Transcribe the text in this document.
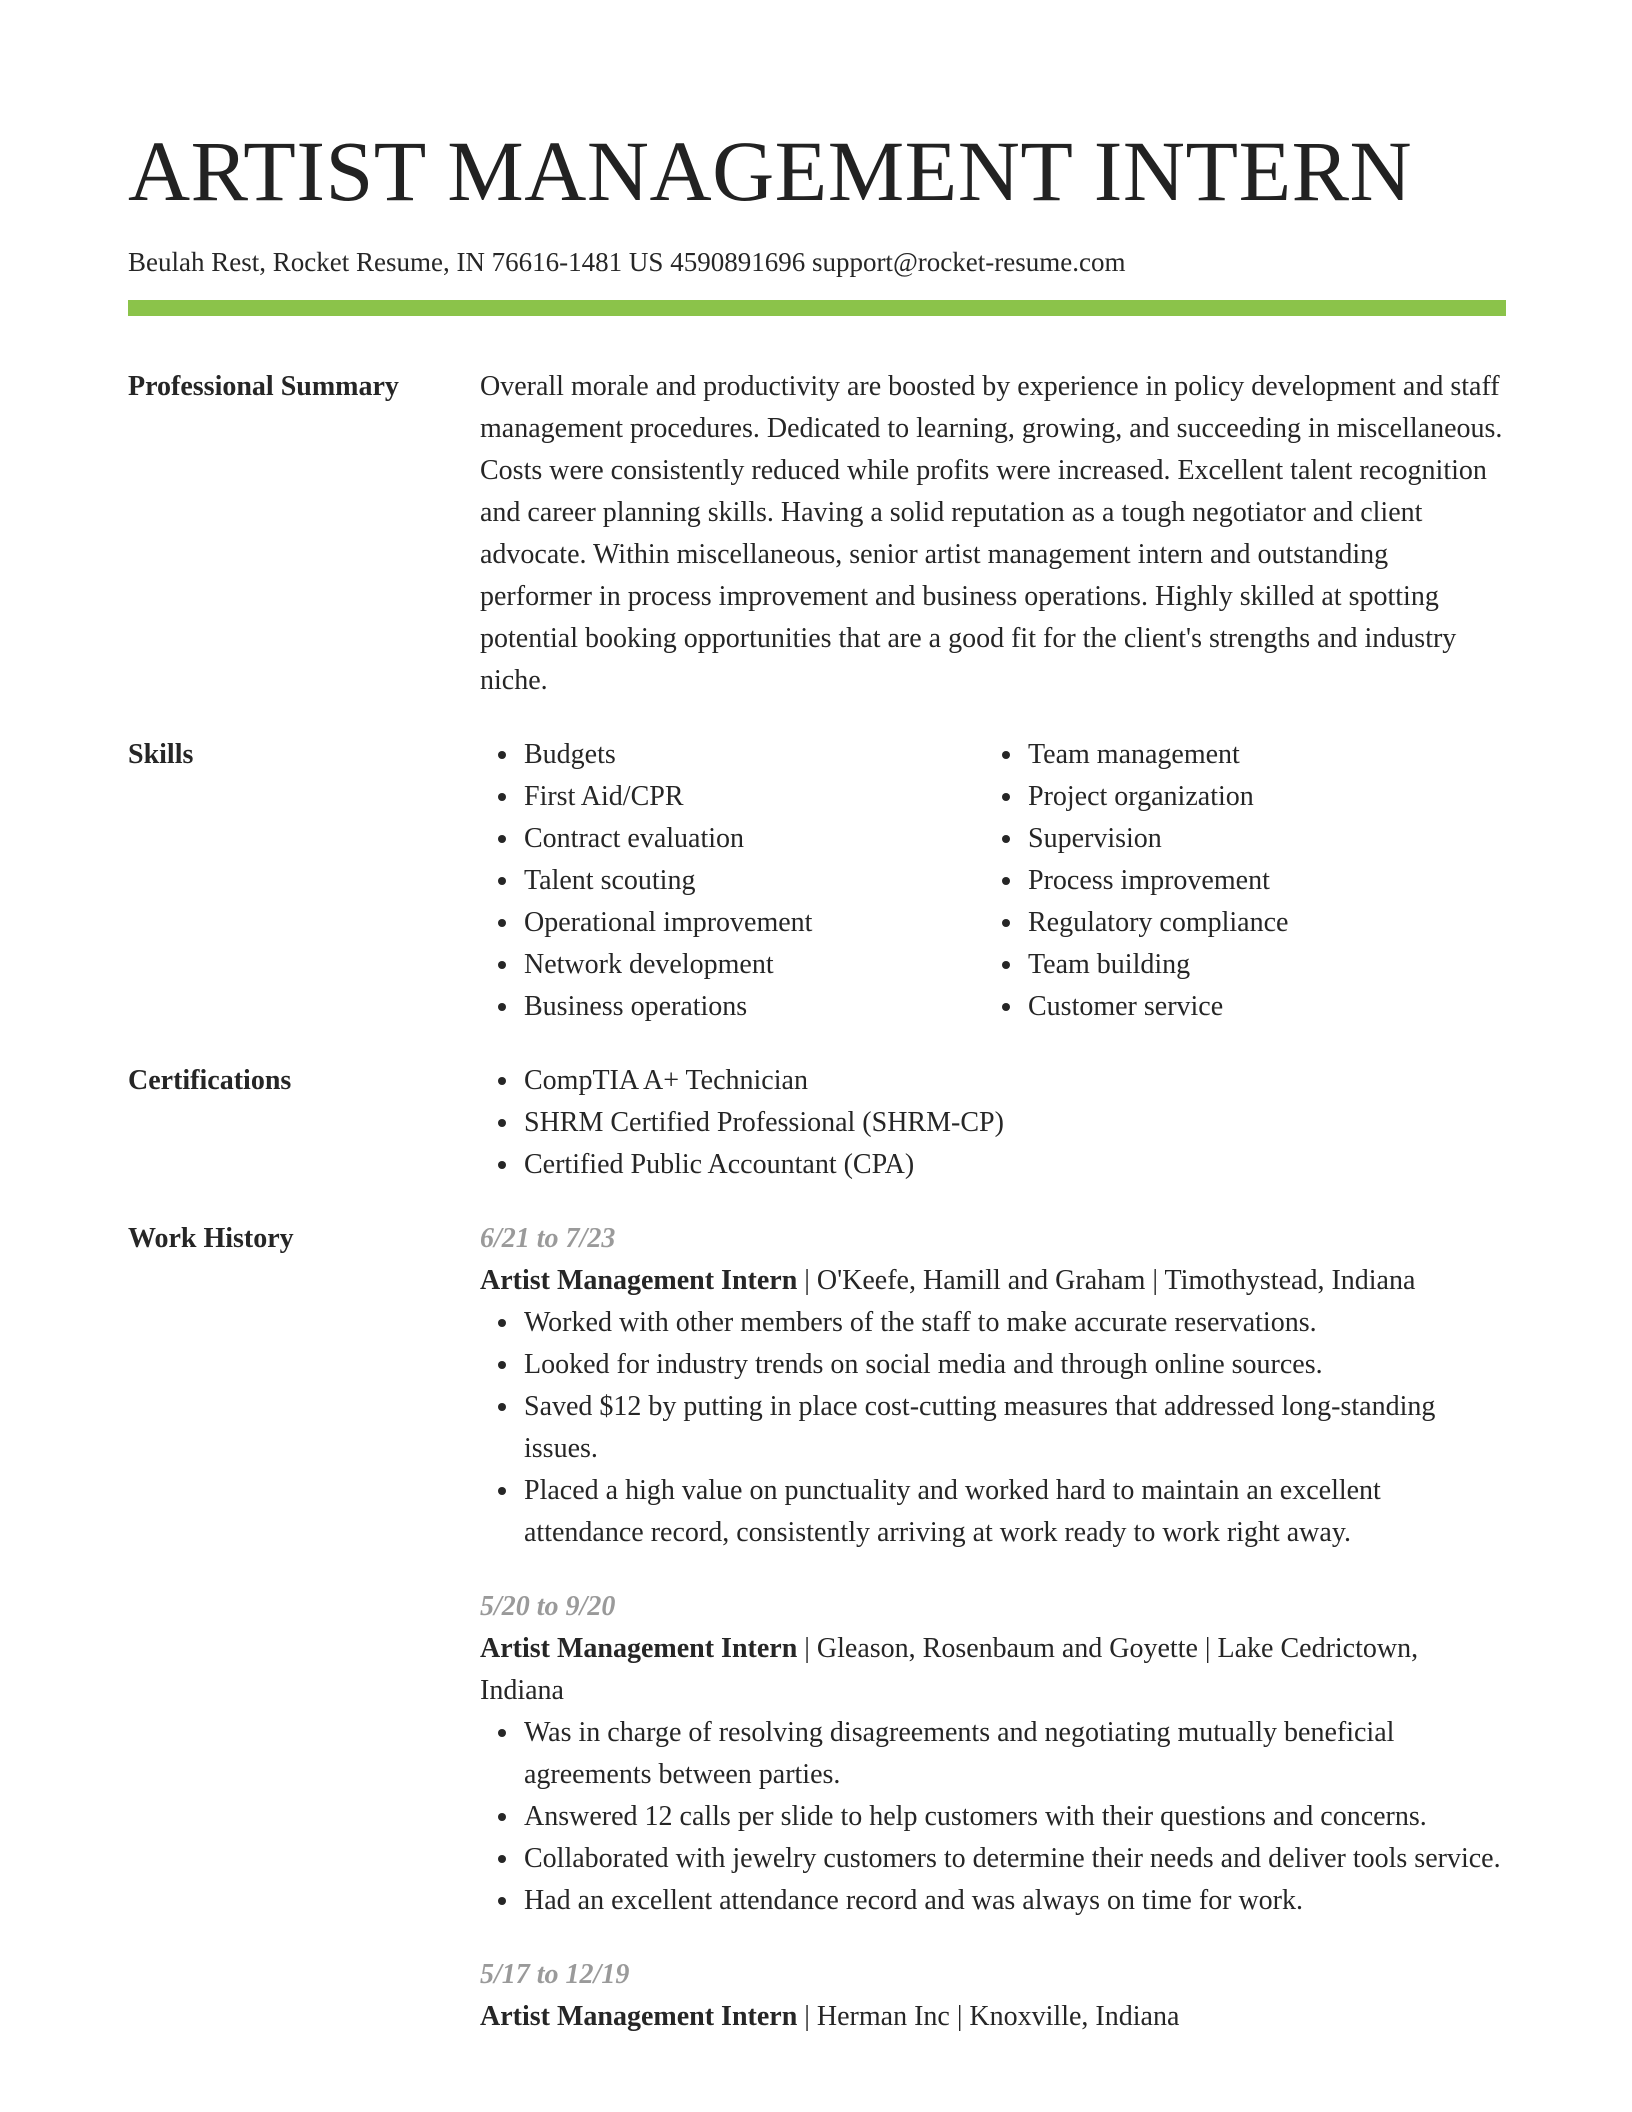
ARTIST MANAGEMENT INTERN
Beulah Rest, Rocket Resume, IN 76616-1481 US 4590891696 support@rocket-resume.com
Professional Summary	Overall morale and productivity are boosted by experience in policy development and staff management procedures. Dedicated to learning, growing, and succeeding in miscellaneous. Costs were consistently reduced while profits were increased. Excellent talent recognition and career planning skills. Having a solid reputation as a tough negotiator and client advocate. Within miscellaneous, senior artist management intern and outstanding performer in process improvement and business operations. Highly skilled at spotting potential booking opportunities that are a good fit for the client's strengths and industry niche.

Skills	Budgets
First Aid/CPR
Contract evaluation
Talent scouting
Operational improvement
Network development
Business operations
Team management
Project organization
Supervision
Process improvement
Regulatory compliance
Team building
Customer service
Certifications	CompTIA A+ Technician
SHRM Certified Professional (SHRM-CP)
Certified Public Accountant (CPA)
Work History	6/21 to 7/23
Artist Management Intern | O'Keefe, Hamill and Graham | Timothystead, Indiana
Worked with other members of the staff to make accurate reservations.
Looked for industry trends on social media and through online sources.
Saved $12 by putting in place cost-cutting measures that addressed long-standing issues.
Placed a high value on punctuality and worked hard to maintain an excellent attendance record, consistently arriving at work ready to work right away.
5/20 to 9/20
Artist Management Intern | Gleason, Rosenbaum and Goyette | Lake Cedrictown, Indiana
Was in charge of resolving disagreements and negotiating mutually beneficial agreements between parties.
Answered 12 calls per slide to help customers with their questions and concerns.
Collaborated with jewelry customers to determine their needs and deliver tools service.
Had an excellent attendance record and was always on time for work.
5/17 to 12/19
Artist Management Intern | Herman Inc | Knoxville, Indiana
